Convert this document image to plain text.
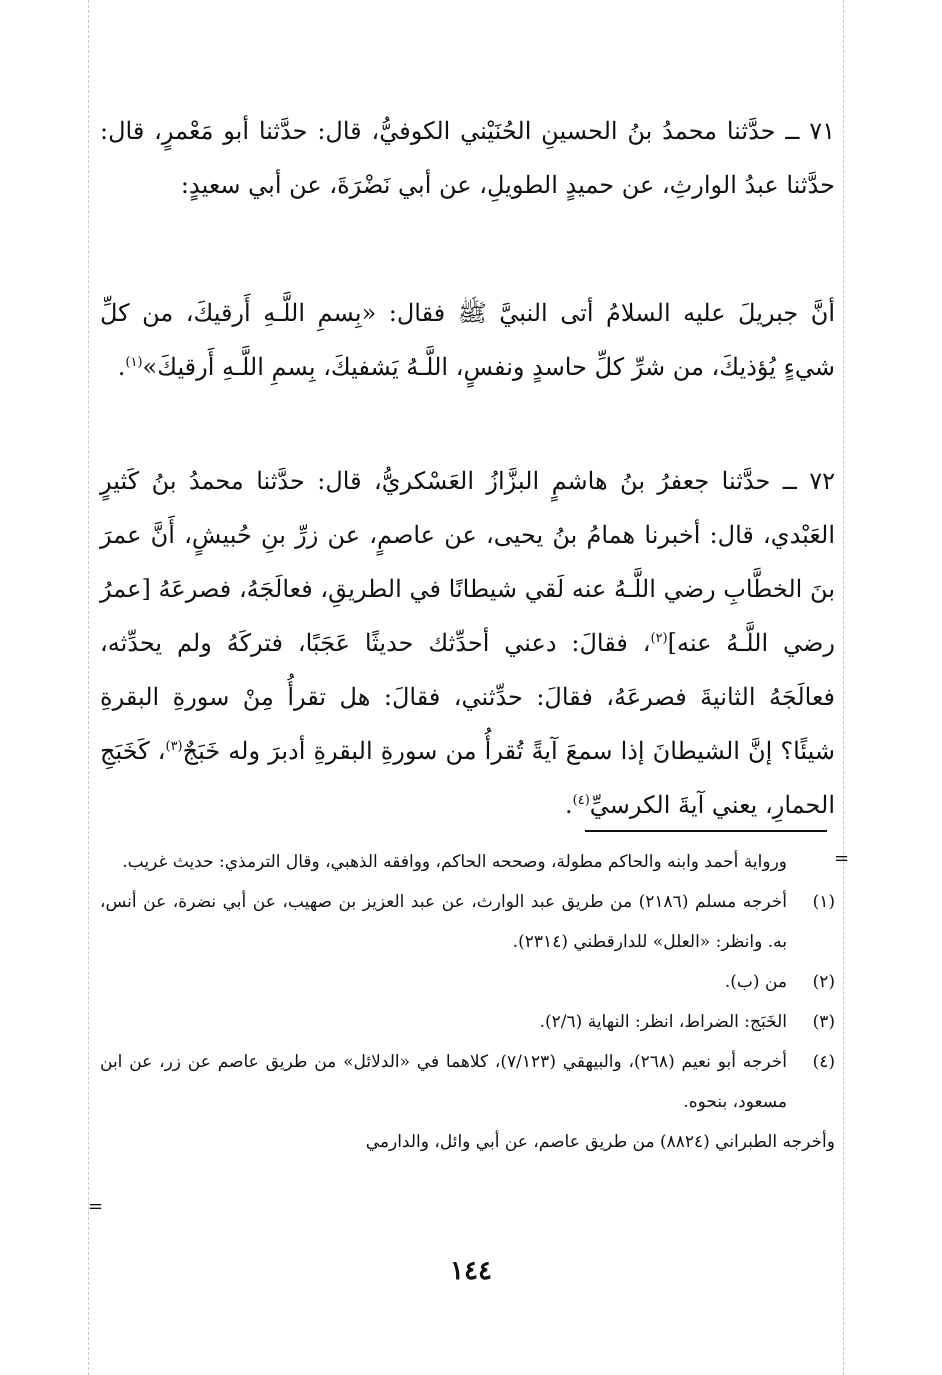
٧١ ــ حدَّثنا محمدُ بنُ الحسينِ الحُنَيْني الكوفيُّ، قال: حدَّثنا أبو مَعْمرٍ، قال: حدَّثنا عبدُ الوارثِ، عن حميدٍ الطويلِ، عن أبي نَضْرَةَ، عن أبي سعيدٍ:

أنَّ جبريلَ عليه السلامُ أتى النبيَّ ﷺ فقال: «بِسمِ اللَّـهِ أَرقيكَ، من كلِّ شيءٍ يُؤذيكَ، من شرِّ كلِّ حاسدٍ ونفسٍ، اللَّـهُ يَشفيكَ، بِسمِ اللَّـهِ أَرقيكَ»$^{(١)}$.

٧٢ ــ حدَّثنا جعفرُ بنُ هاشمٍ البزَّازُ العَسْكريُّ، قال: حدَّثنا محمدُ بنُ كَثيرٍ العَبْدي، قال: أخبرنا همامُ بنُ يحيى، عن عاصمٍ، عن زرِّ بنِ حُبيشٍ، أَنَّ عمرَ بنَ الخطَّابِ رضي اللَّـهُ عنه لَقي شيطانًا في الطريقِ، فعالَجَهُ، فصرعَهُ [عمرُ رضي اللَّـهُ عنه]$^{(٢)}$، فقالَ: دعني أحدِّثك حديثًا عَجَبًا، فتركَهُ ولم يحدِّثه، فعالَجَهُ الثانيةَ فصرعَهُ، فقالَ: حدِّثني، فقالَ: هل تقرأُ مِنْ سورةِ البقرةِ شيئًا؟ إنَّ الشيطانَ إذا سمعَ آيةً تُقرأُ من سورةِ البقرةِ أدبرَ وله خَبَجٌ$^{(٣)}$، كَخَبَجِ الحمارِ، يعني آيةَ الكرسيِّ$^{(٤)}$.

=
ورواية أحمد وابنه والحاكم مطولة، وصححه الحاكم، ووافقه الذهبي، وقال الترمذي: حديث غريب.
(١)
أخرجه مسلم (٢١٨٦) من طريق عبد الوارث، عن عبد العزيز بن صهيب، عن أبي نضرة، عن أنس، به. وانظر: «العلل» للدارقطني (٢٣١٤).
(٢)
من (ب).
(٣)
الخَبَج: الضراط، انظر: النهاية (٢/٦).
(٤)
أخرجه أبو نعيم (٢٦٨)، والبيهقي (٧/١٢٣)، كلاهما في «الدلائل» من طريق عاصم عن زر، عن ابن مسعود، بنحوه.
وأخرجه الطبراني (٨٨٢٤) من طريق عاصم، عن أبي وائل، والدارمي
=
١٤٤
